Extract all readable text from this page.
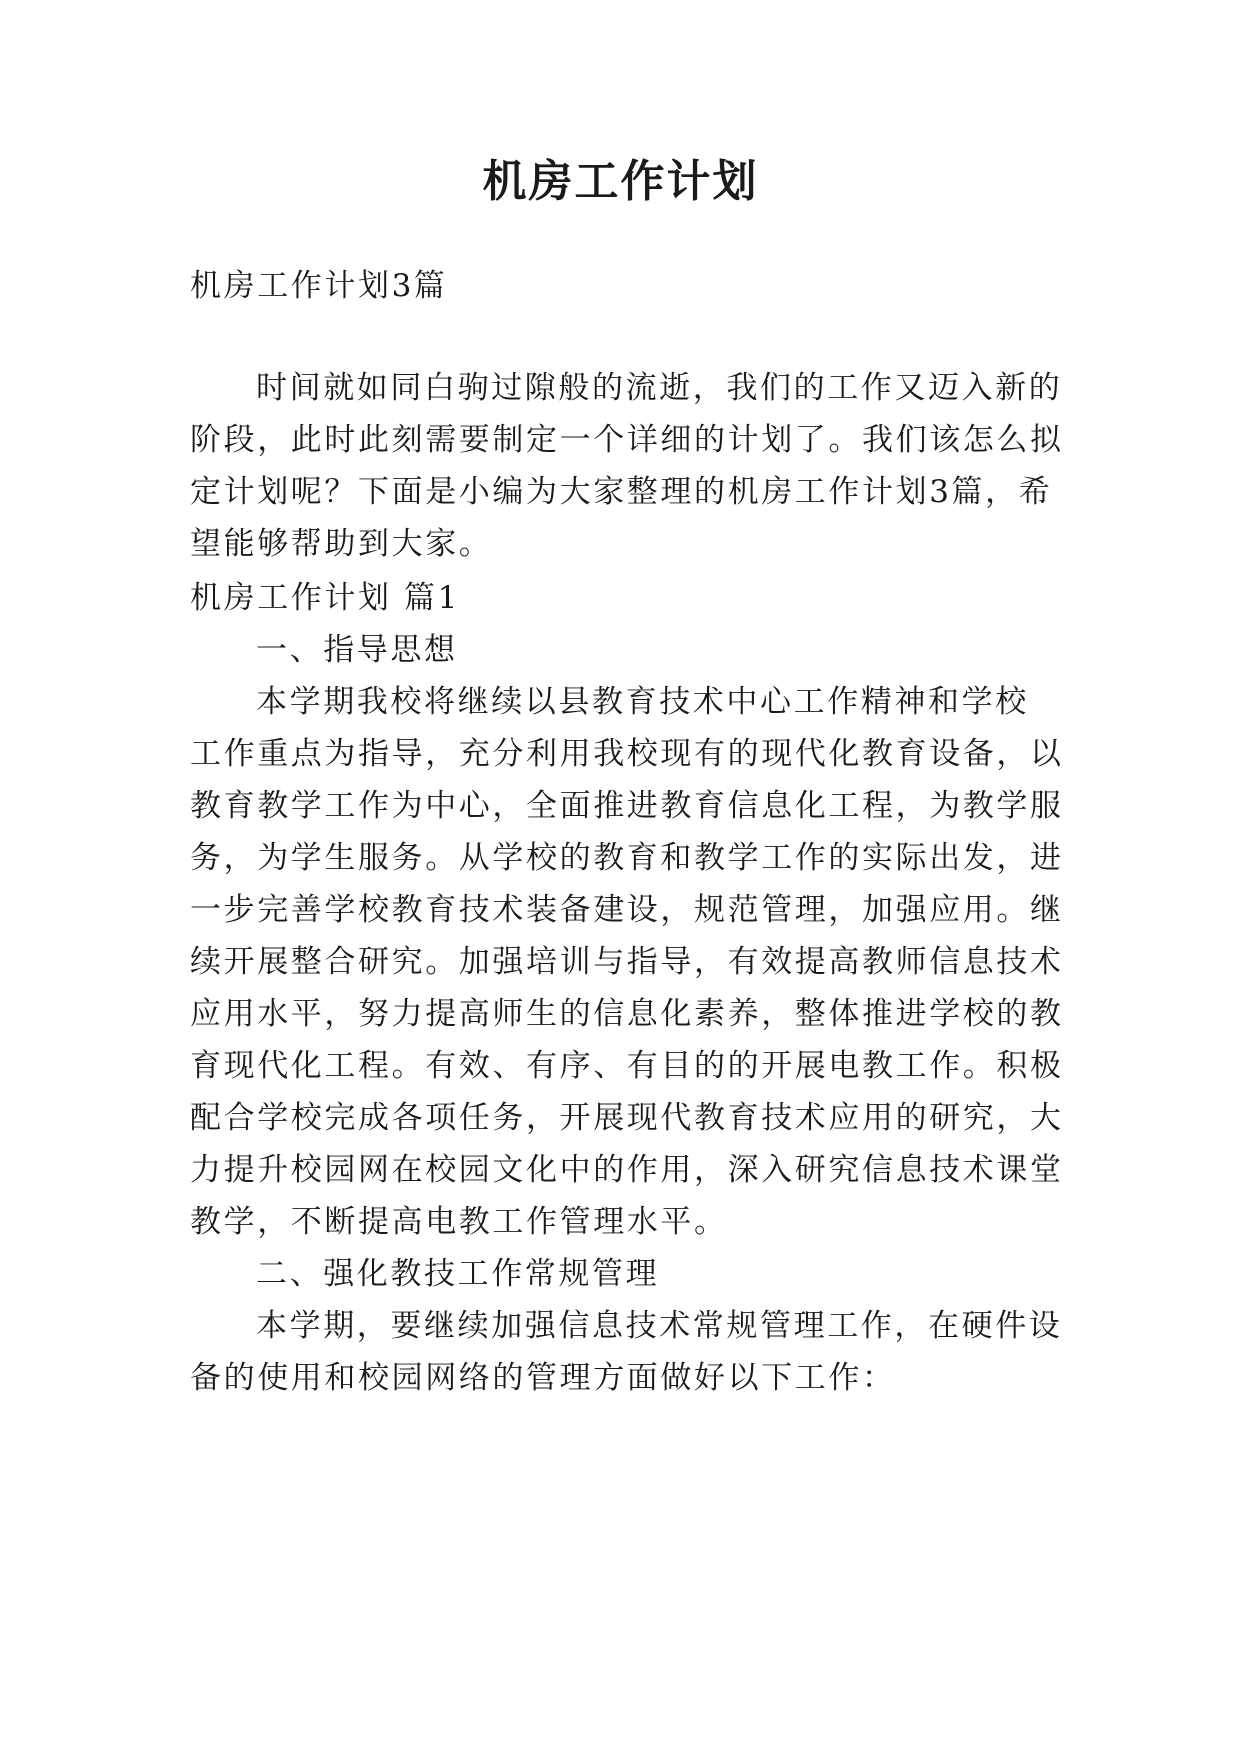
机房工作计划
机房工作计划3篇
时间就如同白驹过隙般的流逝，我们的工作又迈入新的
阶段，此时此刻需要制定一个详细的计划了。我们该怎么拟
定计划呢？下面是小编为大家整理的机房工作计划3篇，希
望能够帮助到大家。
机房工作计划 篇1
一、指导思想
本学期我校将继续以县教育技术中心工作精神和学校
工作重点为指导，充分利用我校现有的现代化教育设备，以
教育教学工作为中心，全面推进教育信息化工程，为教学服
务，为学生服务。从学校的教育和教学工作的实际出发，进
一步完善学校教育技术装备建设，规范管理，加强应用。继
续开展整合研究。加强培训与指导，有效提高教师信息技术
应用水平，努力提高师生的信息化素养，整体推进学校的教
育现代化工程。有效、有序、有目的的开展电教工作。积极
配合学校完成各项任务，开展现代教育技术应用的研究，大
力提升校园网在校园文化中的作用，深入研究信息技术课堂
教学，不断提高电教工作管理水平。
二、强化教技工作常规管理
本学期，要继续加强信息技术常规管理工作，在硬件设
备的使用和校园网络的管理方面做好以下工作：
